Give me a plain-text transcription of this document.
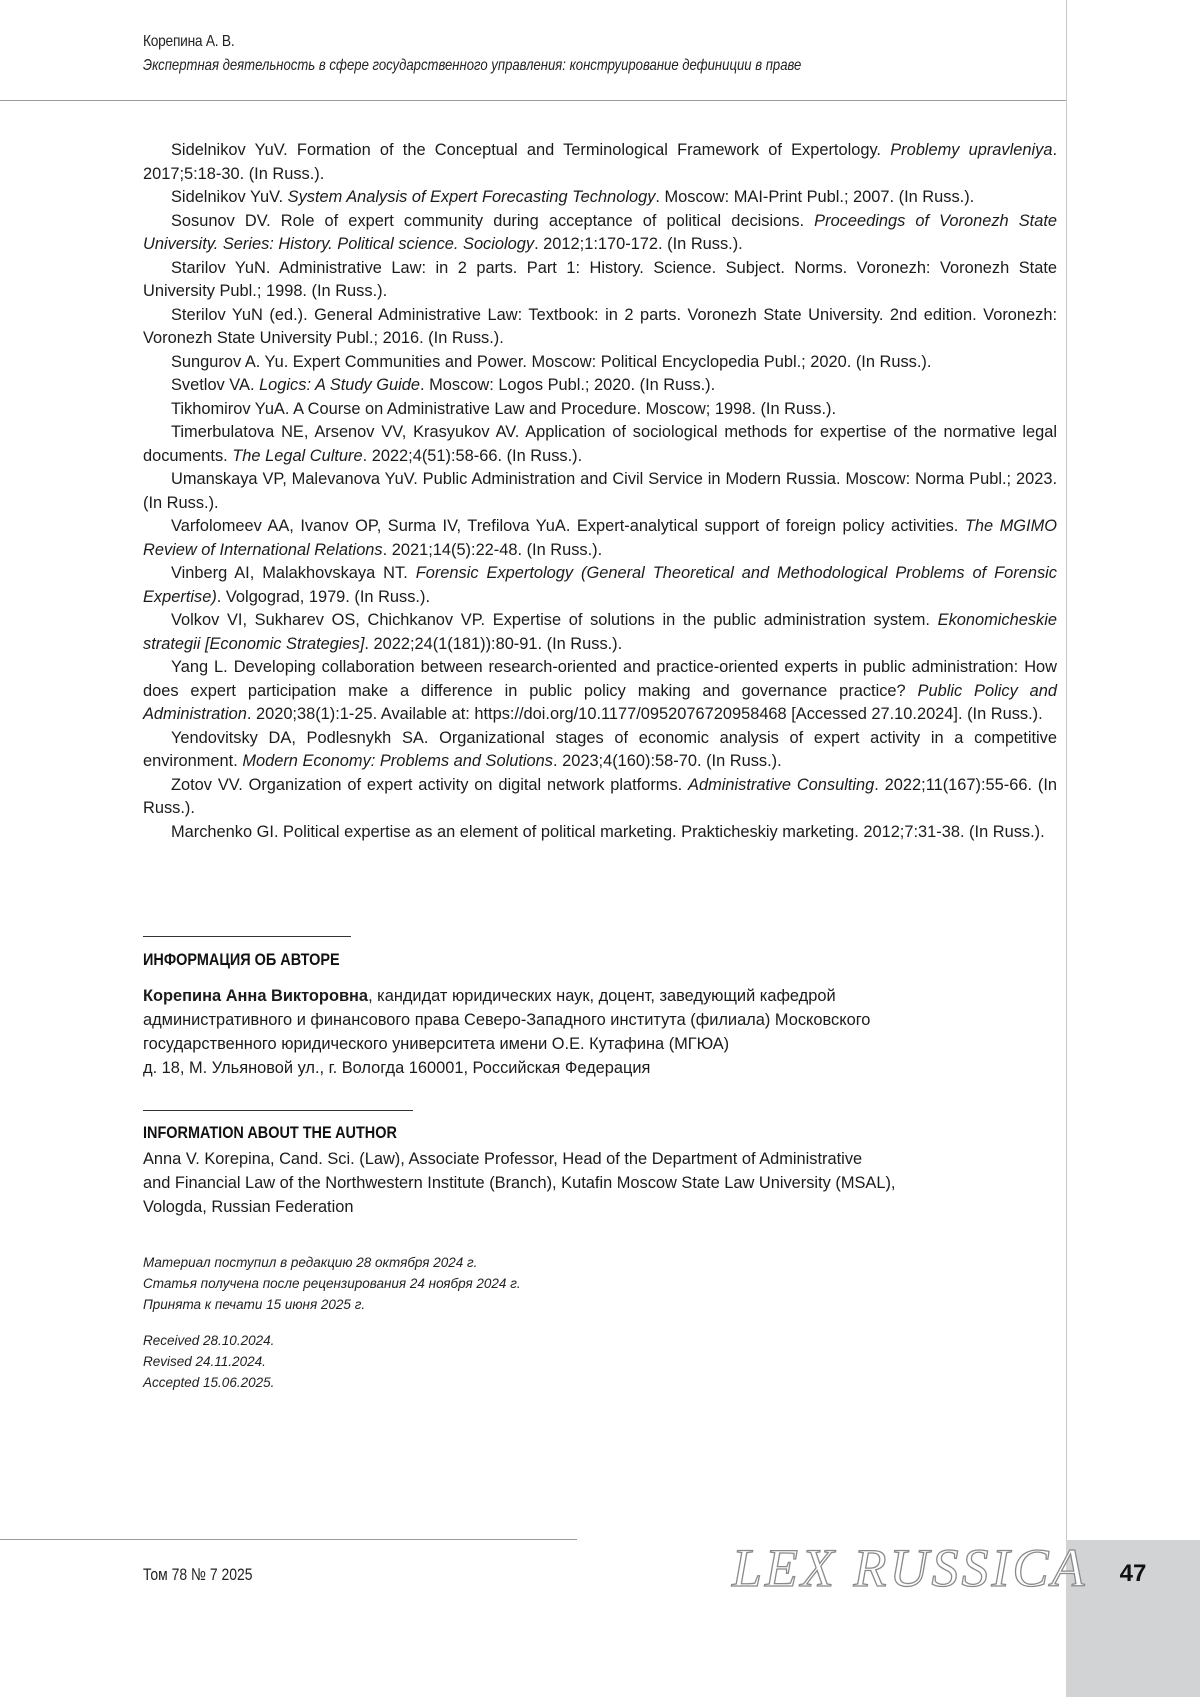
47
Корепина А. В.
Экспертная деятельность в сфере государственного управления: конструирование дефиниции в праве

Sidelnikov YuV. Formation of the Conceptual and Terminological Framework of Expertology. Problemy upravleniya. 2017;5:18-30. (In Russ.).

Sidelnikov YuV. System Analysis of Expert Forecasting Technology. Moscow: MAI-Print Publ.; 2007. (In Russ.).

Sosunov DV. Role of expert community during acceptance of political decisions. Proceedings of Voronezh State University. Series: History. Political science. Sociology. 2012;1:170-172. (In Russ.).

Starilov YuN. Administrative Law: in 2 parts. Part 1: History. Science. Subject. Norms. Voronezh: Voronezh State University Publ.; 1998. (In Russ.).

Sterilov YuN (ed.). General Administrative Law: Textbook: in 2 parts. Voronezh State University. 2nd edition. Voronezh: Voronezh State University Publ.; 2016. (In Russ.).

Sungurov A. Yu. Expert Communities and Power. Moscow: Political Encyclopedia Publ.; 2020. (In Russ.).

Svetlov VA. Logics: A Study Guide. Moscow: Logos Publ.; 2020. (In Russ.).

Tikhomirov YuA. A Course on Administrative Law and Procedure. Moscow; 1998. (In Russ.).

Timerbulatova NE, Arsenov VV, Krasyukov AV. Application of sociological methods for expertise of the normative legal documents. The Legal Culture. 2022;4(51):58-66. (In Russ.).

Umanskaya VP, Malevanova YuV. Public Administration and Civil Service in Modern Russia. Moscow: Norma Publ.; 2023. (In Russ.).

Varfolomeev AA, Ivanov OP, Surma IV, Trefilova YuA. Expert-analytical support of foreign policy activities. The MGIMO Review of International Relations. 2021;14(5):22-48. (In Russ.).

Vinberg AI, Malakhovskaya NT. Forensic Expertology (General Theoretical and Methodological Problems of Forensic Expertise). Volgograd, 1979. (In Russ.).

Volkov VI, Sukharev OS, Chichkanov VP. Expertise of solutions in the public administration system. Ekonomicheskie strategii [Economic Strategies]. 2022;24(1(181)):80-91. (In Russ.).

Yang L. Developing collaboration between research-oriented and practice-oriented experts in public administration: How does expert participation make a difference in public policy making and governance practice? Public Policy and Administration. 2020;38(1):1-25. Available at: https://doi.org/10.1177/0952076720958468 [Accessed 27.10.2024]. (In Russ.).

Yendovitsky DA, Podlesnykh SA. Organizational stages of economic analysis of expert activity in a competitive environment. Modern Economy: Problems and Solutions. 2023;4(160):58-70. (In Russ.).

Zotov VV. Organization of expert activity on digital network platforms. Administrative Consulting. 2022;11(167):55-66. (In Russ.).

Marchenko GI. Political expertise as an element of political marketing. Prakticheskiy marketing. 2012;7:31-38. (In Russ.).

ИНФОРМАЦИЯ ОБ АВТОРЕ
Корепина Анна Викторовна, кандидат юридических наук, доцент, заведующий кафедрой административного и финансового права Северо-Западного института (филиала) Московского государственного юридического университета имени О.Е. Кутафина (МГЮА)
д. 18, М. Ульяновой ул., г. Вологда 160001, Российская Федерация
INFORMATION ABOUT THE AUTHOR
Anna V. Korepina, Cand. Sci. (Law), Associate Professor, Head of the Department of Administrative
and Financial Law of the Northwestern Institute (Branch), Kutafin Moscow State Law University (MSAL),
Vologda, Russian Federation
Материал поступил в редакцию 28 октября 2024 г.
Статья получена после рецензирования 24 ноября 2024 г.
Принята к печати 15 июня 2025 г.
Received 28.10.2024.
Revised 24.11.2024.
Accepted 15.06.2025.
Том 78 № 7 2025	LEX RUSSICA
